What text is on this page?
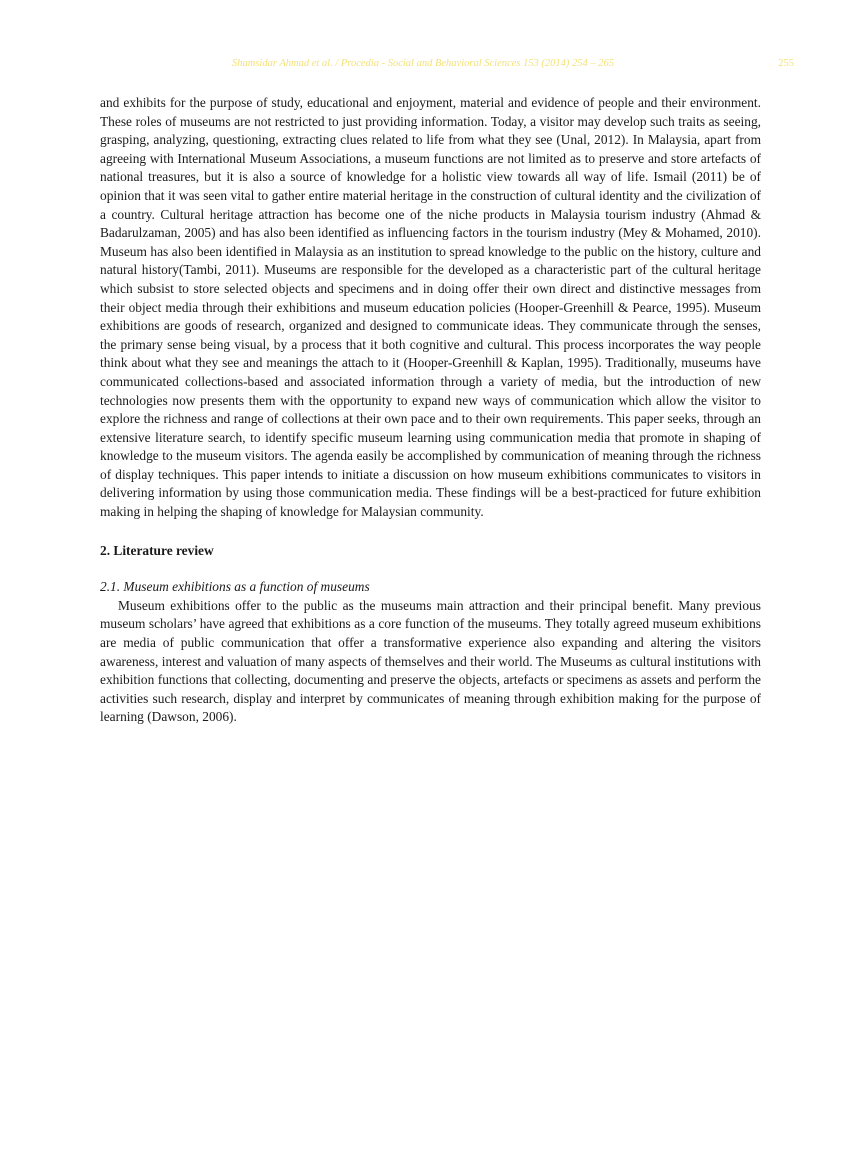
Shamsidar Ahmad et al. / Procedia - Social and Behavioral Sciences 153 (2014) 254 – 265	255

and exhibits for the purpose of study, educational and enjoyment, material and evidence of people and their environment. These roles of museums are not restricted to just providing information. Today, a visitor may develop such traits as seeing, grasping, analyzing, questioning, extracting clues related to life from what they see (Unal, 2012). In Malaysia, apart from agreeing with International Museum Associations, a museum functions are not limited as to preserve and store artefacts of national treasures, but it is also a source of knowledge for a holistic view towards all way of life. Ismail (2011) be of opinion that it was seen vital to gather entire material heritage in the construction of cultural identity and the civilization of a country. Cultural heritage attraction has become one of the niche products in Malaysia tourism industry (Ahmad & Badarulzaman, 2005) and has also been identified as influencing factors in the tourism industry (Mey & Mohamed, 2010). Museum has also been identified in Malaysia as an institution to spread knowledge to the public on the history, culture and natural history(Tambi, 2011). Museums are responsible for the developed as a characteristic part of the cultural heritage which subsist to store selected objects and specimens and in doing offer their own direct and distinctive messages from their object media through their exhibitions and museum education policies (Hooper-Greenhill & Pearce, 1995). Museum exhibitions are goods of research, organized and designed to communicate ideas. They communicate through the senses, the primary sense being visual, by a process that it both cognitive and cultural. This process incorporates the way people think about what they see and meanings the attach to it (Hooper-Greenhill & Kaplan, 1995). Traditionally, museums have communicated collections-based and associated information through a variety of media, but the introduction of new technologies now presents them with the opportunity to expand new ways of communication which allow the visitor to explore the richness and range of collections at their own pace and to their own requirements. This paper seeks, through an extensive literature search, to identify specific museum learning using communication media that promote in shaping of knowledge to the museum visitors. The agenda easily be accomplished by communication of meaning through the richness of display techniques. This paper intends to initiate a discussion on how museum exhibitions communicates to visitors in delivering information by using those communication media. These findings will be a best-practiced for future exhibition making in helping the shaping of knowledge for Malaysian community.

2. Literature review
2.1. Museum exhibitions as a function of museums

Museum exhibitions offer to the public as the museums main attraction and their principal benefit. Many previous museum scholars’ have agreed that exhibitions as a core function of the museums. They totally agreed museum exhibitions are media of public communication that offer a transformative experience also expanding and altering the visitors awareness, interest and valuation of many aspects of themselves and their world. The Museums as cultural institutions with exhibition functions that collecting, documenting and preserve the objects, artefacts or specimens as assets and perform the activities such research, display and interpret by communicates of meaning through exhibition making for the purpose of learning (Dawson, 2006).
